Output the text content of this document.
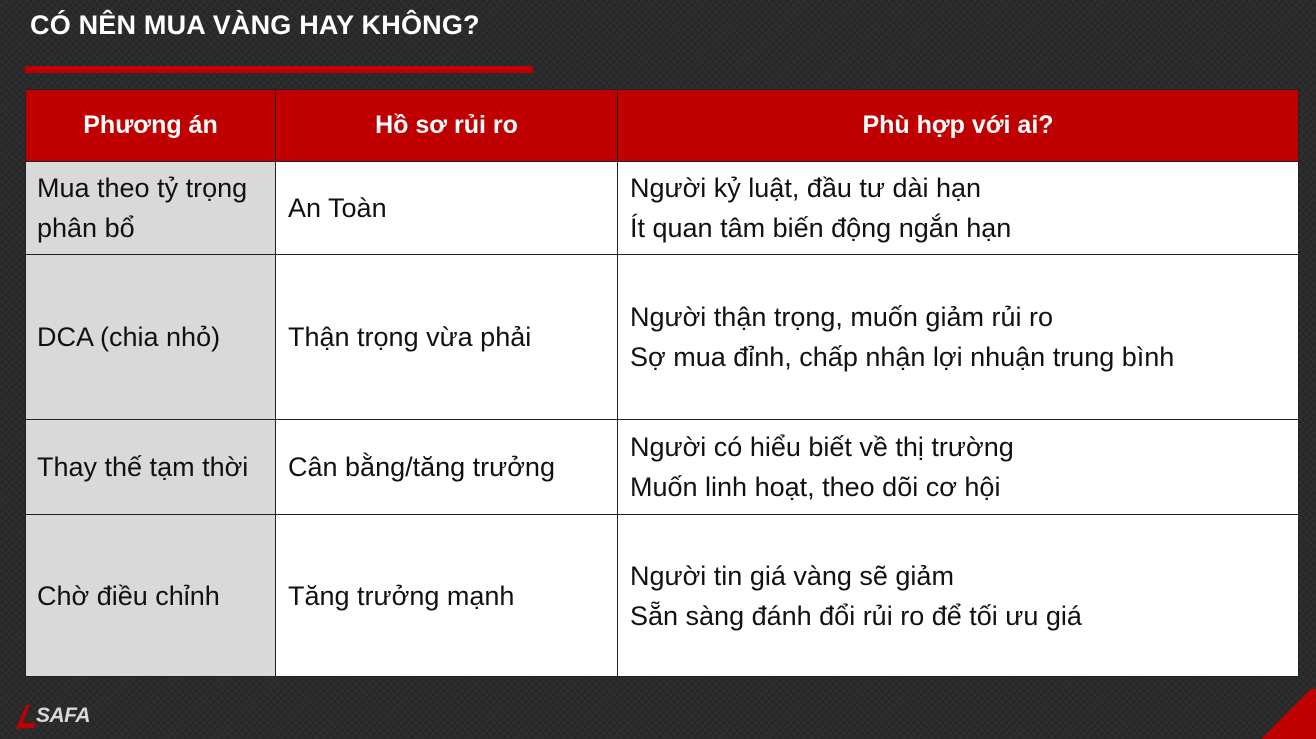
CÓ NÊN MUA VÀNG HAY KHÔNG?
Phương án	Hồ sơ rủi ro	Phù hợp với ai?
Mua theo tỷ trọng phân bổ	An Toàn	Người kỷ luật, đầu tư dài hạn
Ít quan tâm biến động ngắn hạn

DCA (chia nhỏ)	Thận trọng vừa phải	Người thận trọng, muốn giảm rủi ro
Sợ mua đỉnh, chấp nhận lợi nhuận trung bình

Thay thế tạm thời	Cân bằng/tăng trưởng	Người có hiểu biết về thị trường
Muốn linh hoạt, theo dõi cơ hội

Chờ điều chỉnh	Tăng trưởng mạnh	Người tin giá vàng sẽ giảm
Sẵn sàng đánh đổi rủi ro để tối ưu giá
SAFA
